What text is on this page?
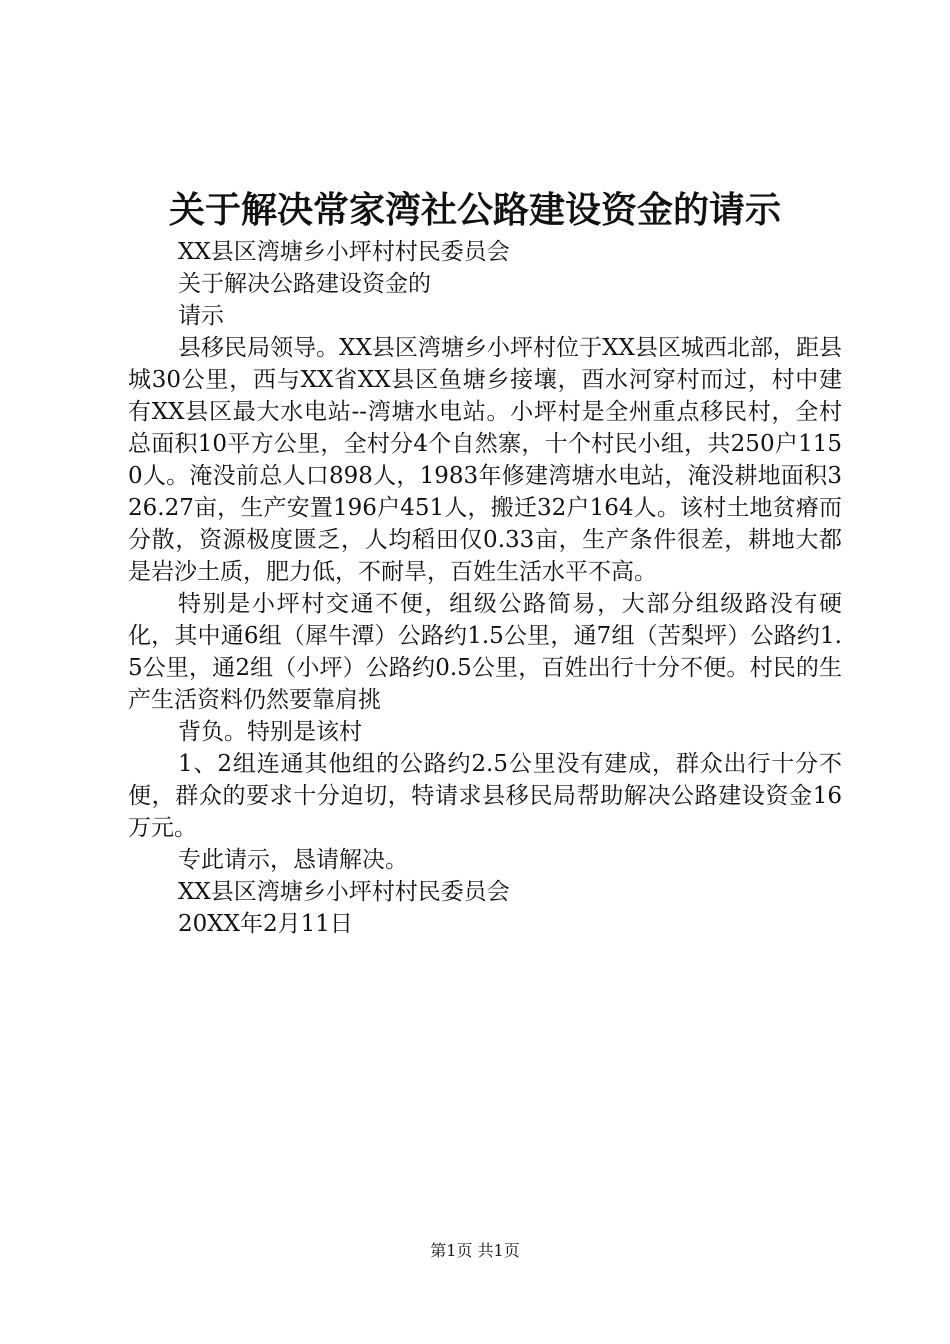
关于解决常家湾社公路建设资金的请示

XX县区湾塘乡小坪村村民委员会

关于解决公路建设资金的

请示

县移民局领导。XX县区湾塘乡小坪村位于XX县区城西北部，距县城30公里，西与XX省XX县区鱼塘乡接壤，酉水河穿村而过，村中建有XX县区最大水电站--湾塘水电站。小坪村是全州重点移民村，全村总面积10平方公里，全村分4个自然寨，十个村民小组，共250户1150人。淹没前总人口898人，1983年修建湾塘水电站，淹没耕地面积326.27亩，生产安置196户451人，搬迁32户164人。该村土地贫瘠而分散，资源极度匮乏，人均稻田仅0.33亩，生产条件很差，耕地大都是岩沙土质，肥力低，不耐旱，百姓生活水平不高。

特别是小坪村交通不便，组级公路简易，大部分组级路没有硬化，其中通6组（犀牛潭）公路约1.5公里，通7组（苦梨坪）公路约1.5公里，通2组（小坪）公路约0.5公里，百姓出行十分不便。村民的生产生活资料仍然要靠肩挑

背负。特别是该村

1、2组连通其他组的公路约2.5公里没有建成，群众出行十分不便，群众的要求十分迫切，特请求县移民局帮助解决公路建设资金16万元。

专此请示，恳请解决。

XX县区湾塘乡小坪村村民委员会

20XX年2月11日

第1页 共1页
